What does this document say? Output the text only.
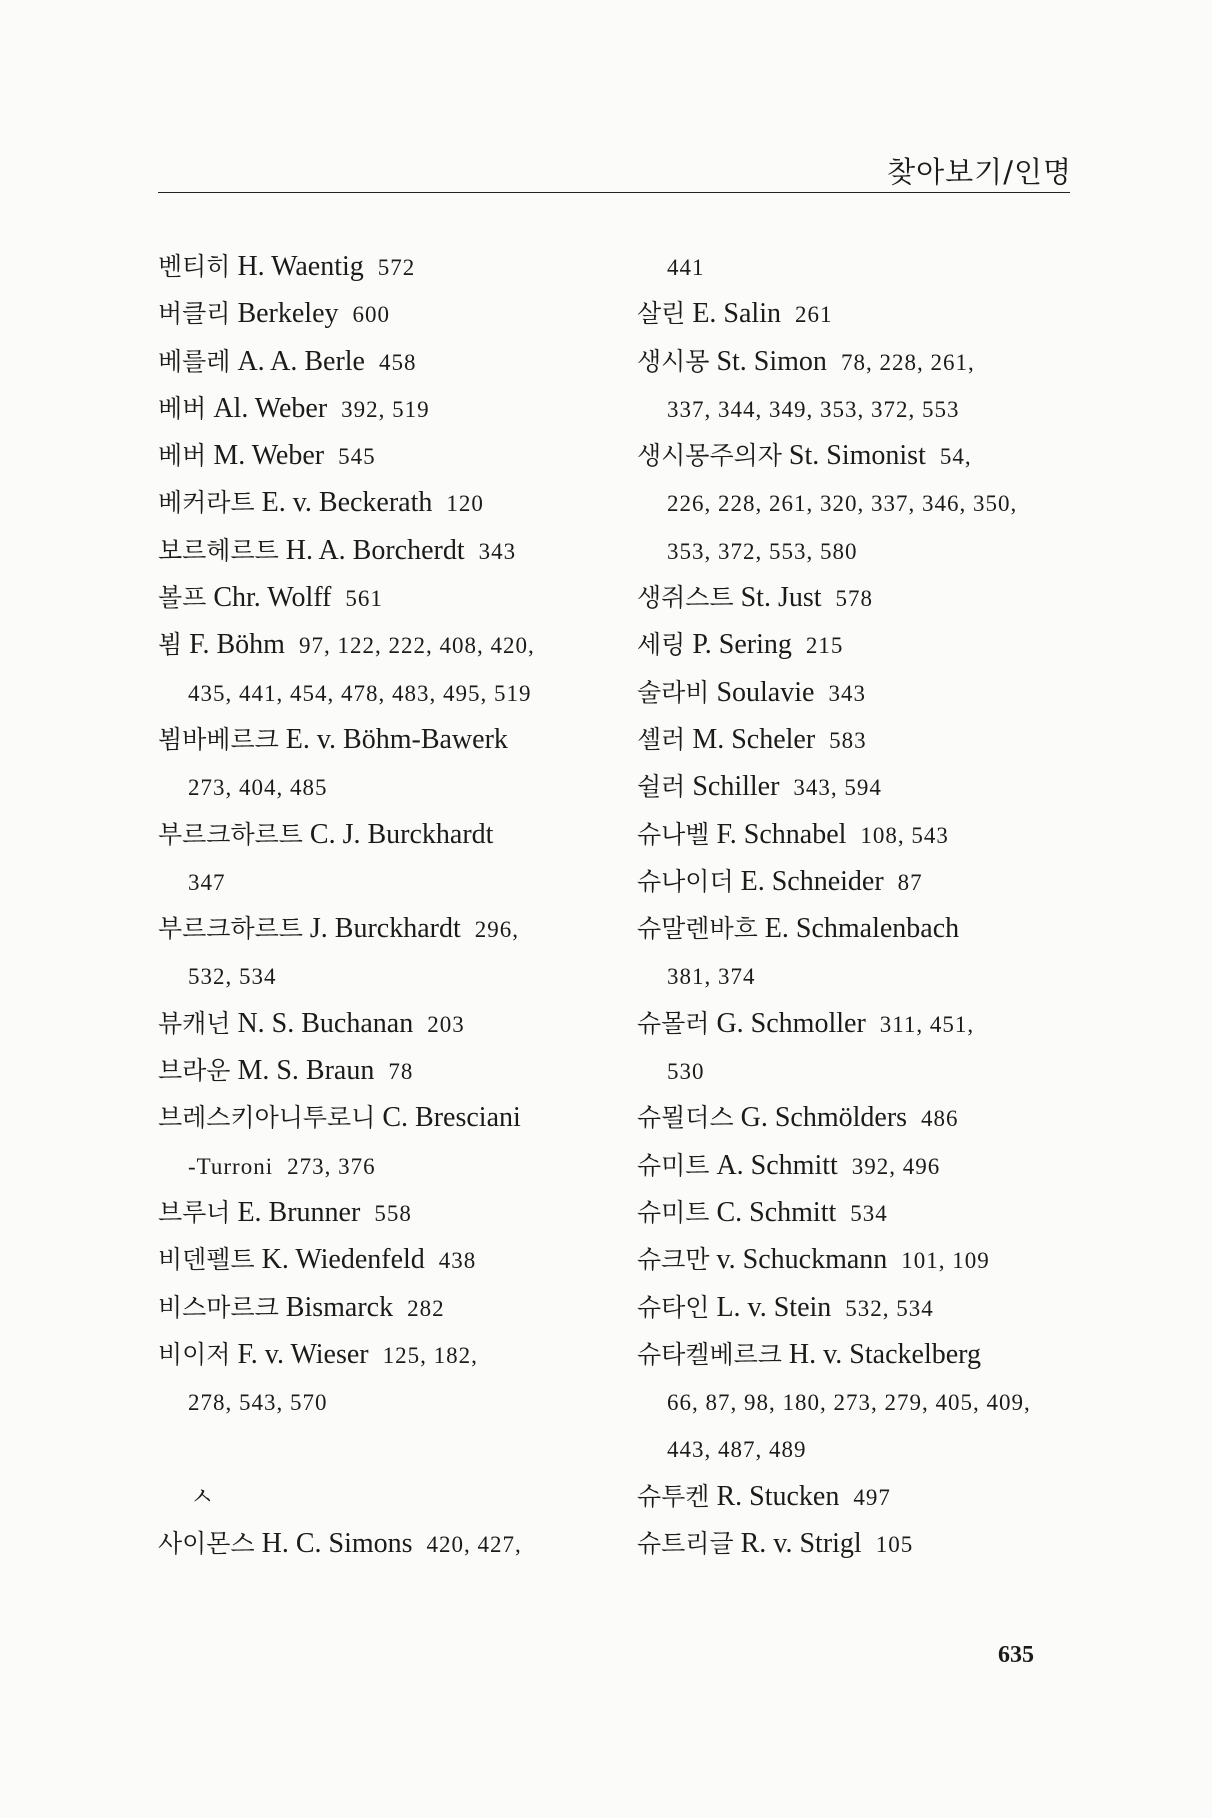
찾아보기/인명
벤티히 H. Waentig 572
버클리 Berkeley 600
베를레 A. A. Berle 458
베버 Al. Weber 392, 519
베버 M. Weber 545
베커라트 E. v. Beckerath 120
보르헤르트 H. A. Borcherdt 343
볼프 Chr. Wolff 561
뵘 F. Böhm 97, 122, 222, 408, 420,
435, 441, 454, 478, 483, 495, 519
뵘바베르크 E. v. Böhm-Bawerk
273, 404, 485
부르크하르트 C. J. Burckhardt
347
부르크하르트 J. Burckhardt 296,
532, 534
뷰캐넌 N. S. Buchanan 203
브라운 M. S. Braun 78
브레스키아니투로니 C. Bresciani
-Turroni 273, 376
브루너 E. Brunner 558
비덴펠트 K. Wiedenfeld 438
비스마르크 Bismarck 282
비이저 F. v. Wieser 125, 182,
278, 543, 570
ㅅ
사이몬스 H. C. Simons 420, 427,
441
살린 E. Salin 261
생시몽 St. Simon 78, 228, 261,
337, 344, 349, 353, 372, 553
생시몽주의자 St. Simonist 54,
226, 228, 261, 320, 337, 346, 350,
353, 372, 553, 580
생쥐스트 St. Just 578
세링 P. Sering 215
술라비 Soulavie 343
셸러 M. Scheler 583
쉴러 Schiller 343, 594
슈나벨 F. Schnabel 108, 543
슈나이더 E. Schneider 87
슈말렌바흐 E. Schmalenbach
381, 374
슈몰러 G. Schmoller 311, 451,
530
슈묄더스 G. Schmölders 486
슈미트 A. Schmitt 392, 496
슈미트 C. Schmitt 534
슈크만 v. Schuckmann 101, 109
슈타인 L. v. Stein 532, 534
슈타켈베르크 H. v. Stackelberg
66, 87, 98, 180, 273, 279, 405, 409,
443, 487, 489
슈투켄 R. Stucken 497
슈트리글 R. v. Strigl 105
635
